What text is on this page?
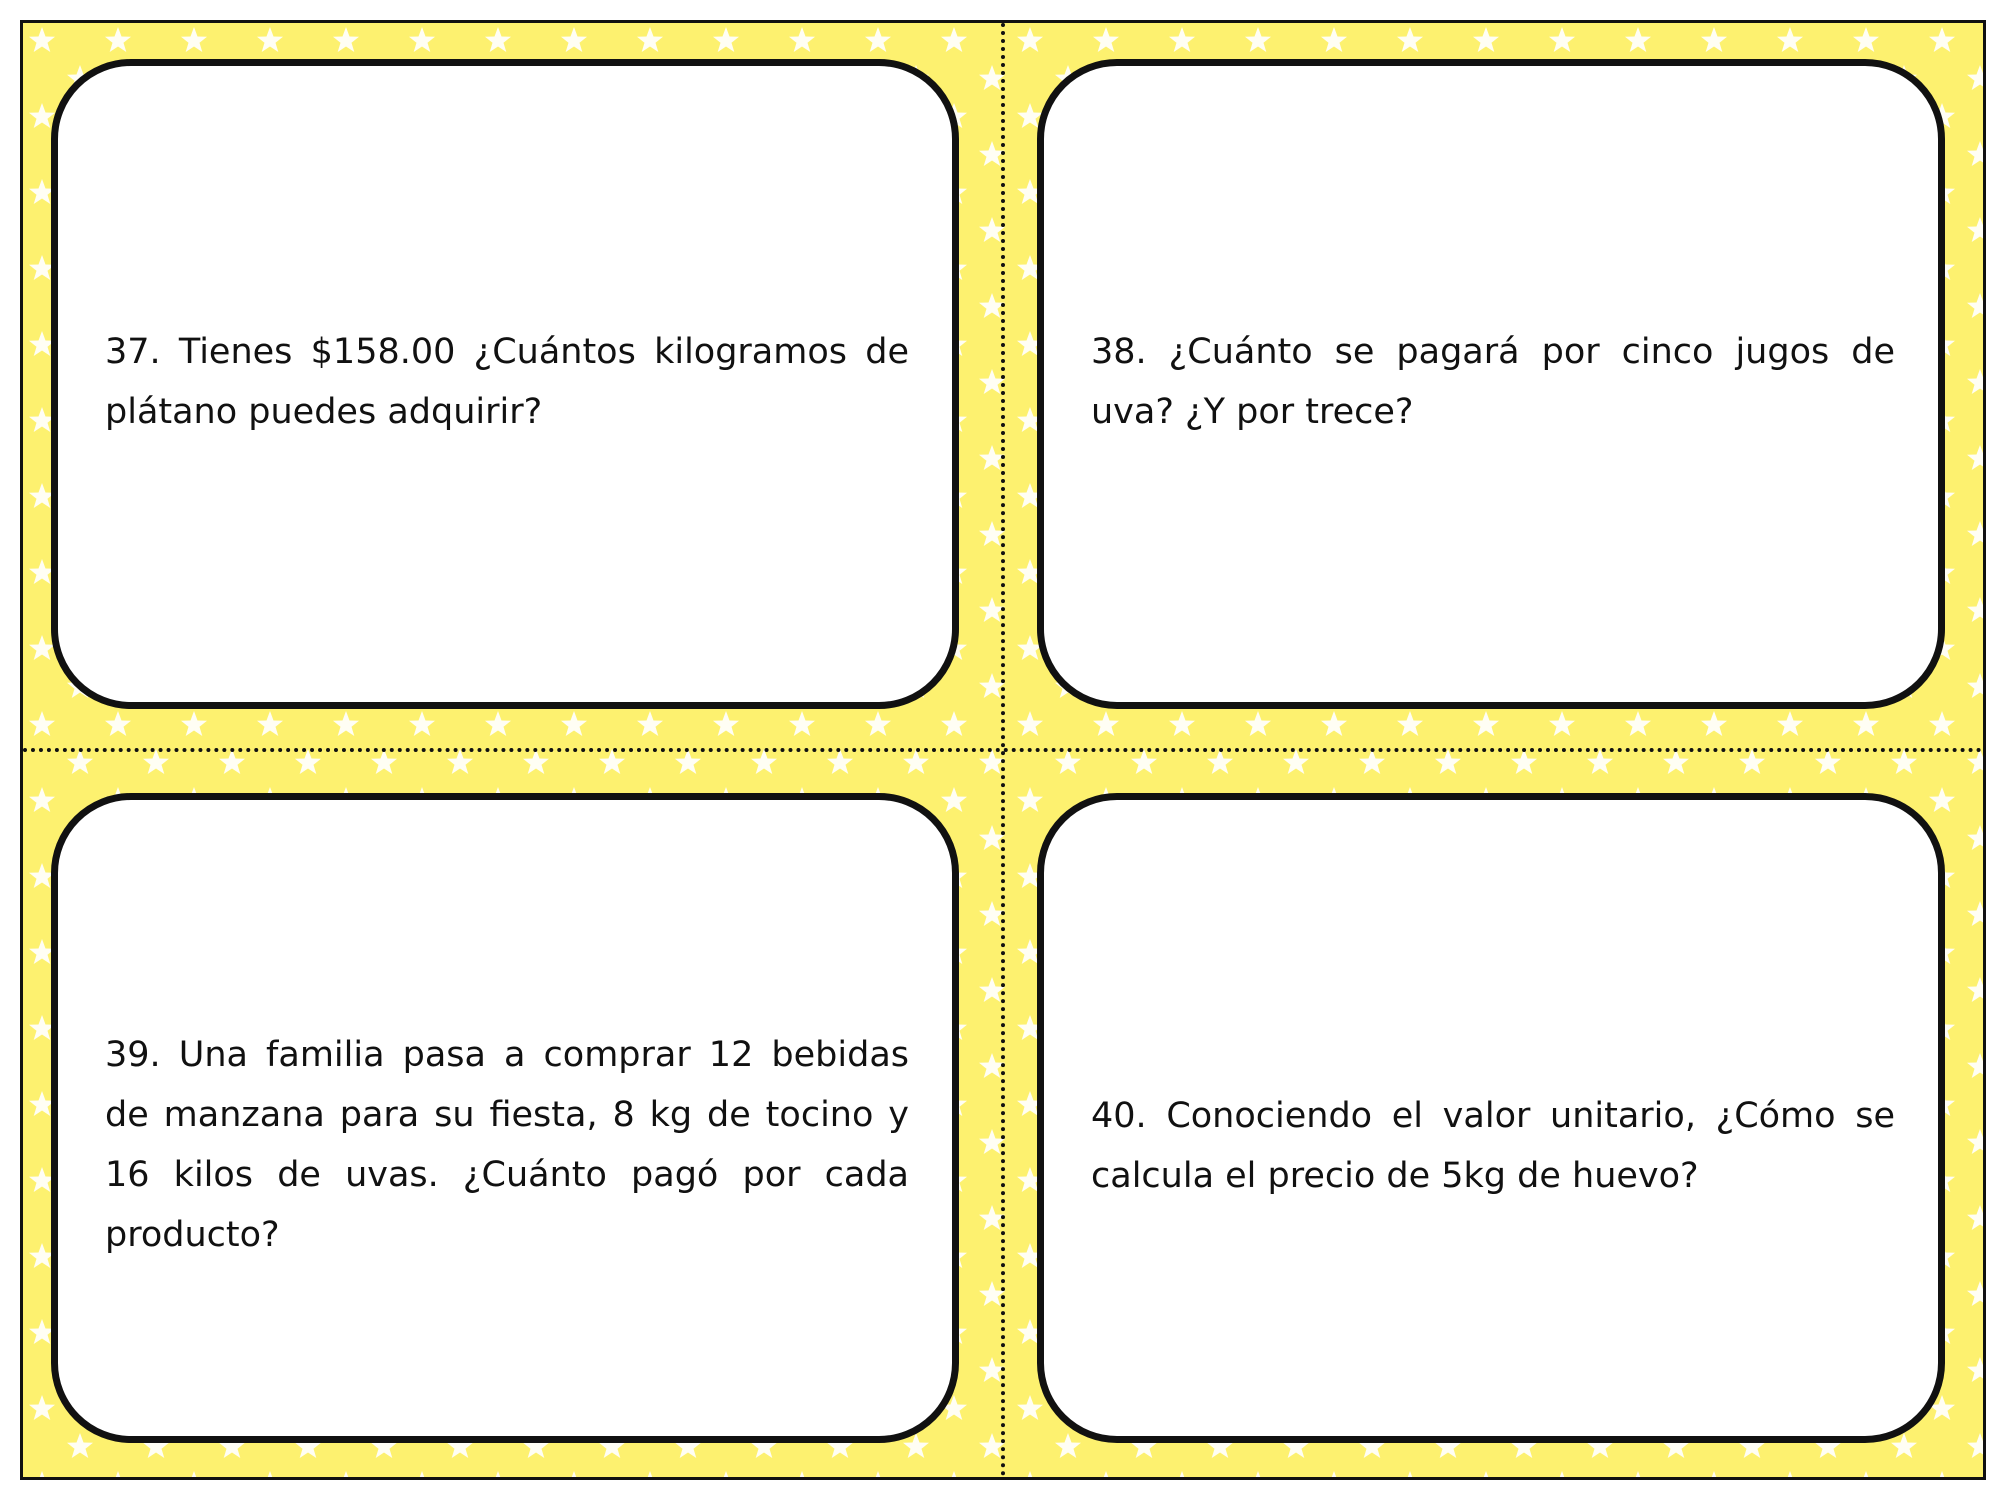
37. Tienes $158.00 ¿Cuántos kilogramos de plátano puedes adquirir?

38. ¿Cuánto se pagará por cinco jugos de uva? ¿Y por trece?

39. Una familia pasa a comprar 12 bebidas de manzana para su fiesta, 8 kg de tocino y 16 kilos de uvas. ¿Cuánto pagó por cada producto?

40. Conociendo el valor unitario, ¿Cómo se calcula el precio de 5kg de huevo?
